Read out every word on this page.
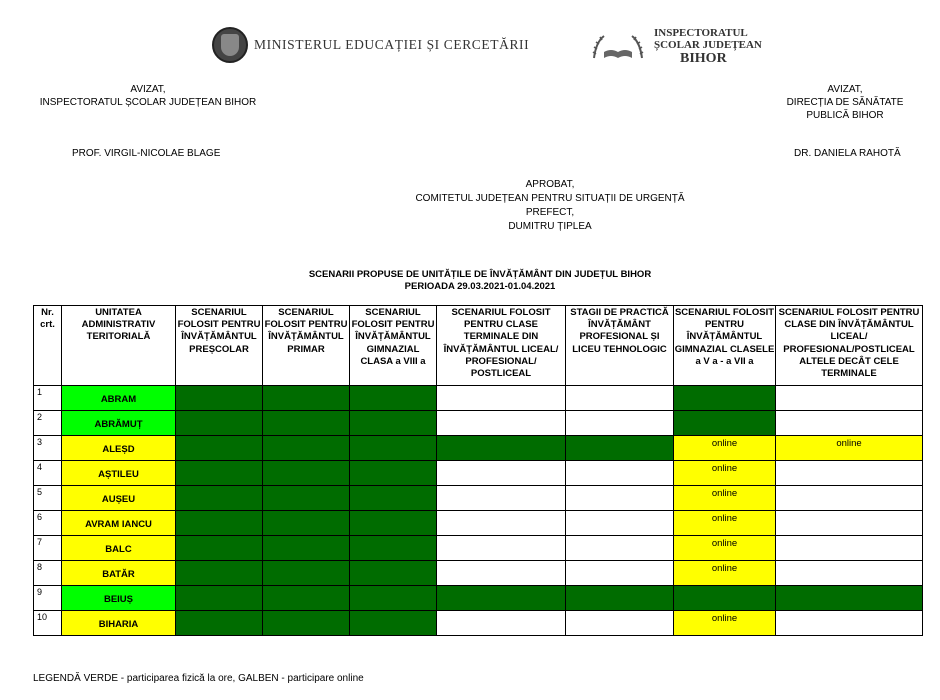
MINISTERUL EDUCAȚIEI ȘI CERCETĂRII
INSPECTORATUL
ȘCOLAR JUDEȚEAN
BIHOR
AVIZAT,
INSPECTORATUL ȘCOLAR JUDEȚEAN BIHOR
PROF. VIRGIL-NICOLAE BLAGE
AVIZAT,
DIRECȚIA DE SĂNĂTATE
PUBLICĂ BIHOR
DR. DANIELA RAHOTĂ
APROBAT,
COMITETUL JUDEȚEAN PENTRU SITUAȚII DE URGENȚĂ
PREFECT,
DUMITRU ȚIPLEA
SCENARII PROPUSE DE UNITĂȚILE DE ÎNVĂȚĂMÂNT DIN JUDEȚUL BIHOR
PERIOADA 29.03.2021-01.04.2021
Nr. crt.	UNITATEA ADMINISTRATIV TERITORIALĂ	SCENARIUL FOLOSIT PENTRU ÎNVĂȚĂMÂNTUL PREȘCOLAR	SCENARIUL FOLOSIT PENTRU ÎNVĂȚĂMÂNTUL PRIMAR	SCENARIUL FOLOSIT PENTRU ÎNVĂȚĂMÂNTUL GIMNAZIAL CLASA a VIII a	SCENARIUL FOLOSIT PENTRU CLASE TERMINALE DIN ÎNVĂȚĂMÂNTUL LICEAL/ PROFESIONAL/ POSTLICEAL	STAGII DE PRACTICĂ ÎNVĂȚĂMÂNT PROFESIONAL ȘI LICEU TEHNOLOGIC	SCENARIUL FOLOSIT PENTRU ÎNVĂȚĂMÂNTUL GIMNAZIAL CLASELE a V a - a VII a	SCENARIUL FOLOSIT PENTRU CLASE DIN ÎNVĂȚĂMÂNTUL LICEAL/ PROFESIONAL/POSTLICEAL ALTELE DECÂT CELE TERMINALE
1	ABRAM							
2	ABRĂMUȚ							
3	ALEȘD						online	online
4	AȘTILEU						online	
5	AUȘEU						online	
6	AVRAM IANCU						online	
7	BALC						online	
8	BATĂR						online	
9	BEIUȘ							
10	BIHARIA						online	
LEGENDĂ VERDE - participarea fizică la ore, GALBEN - participare online
